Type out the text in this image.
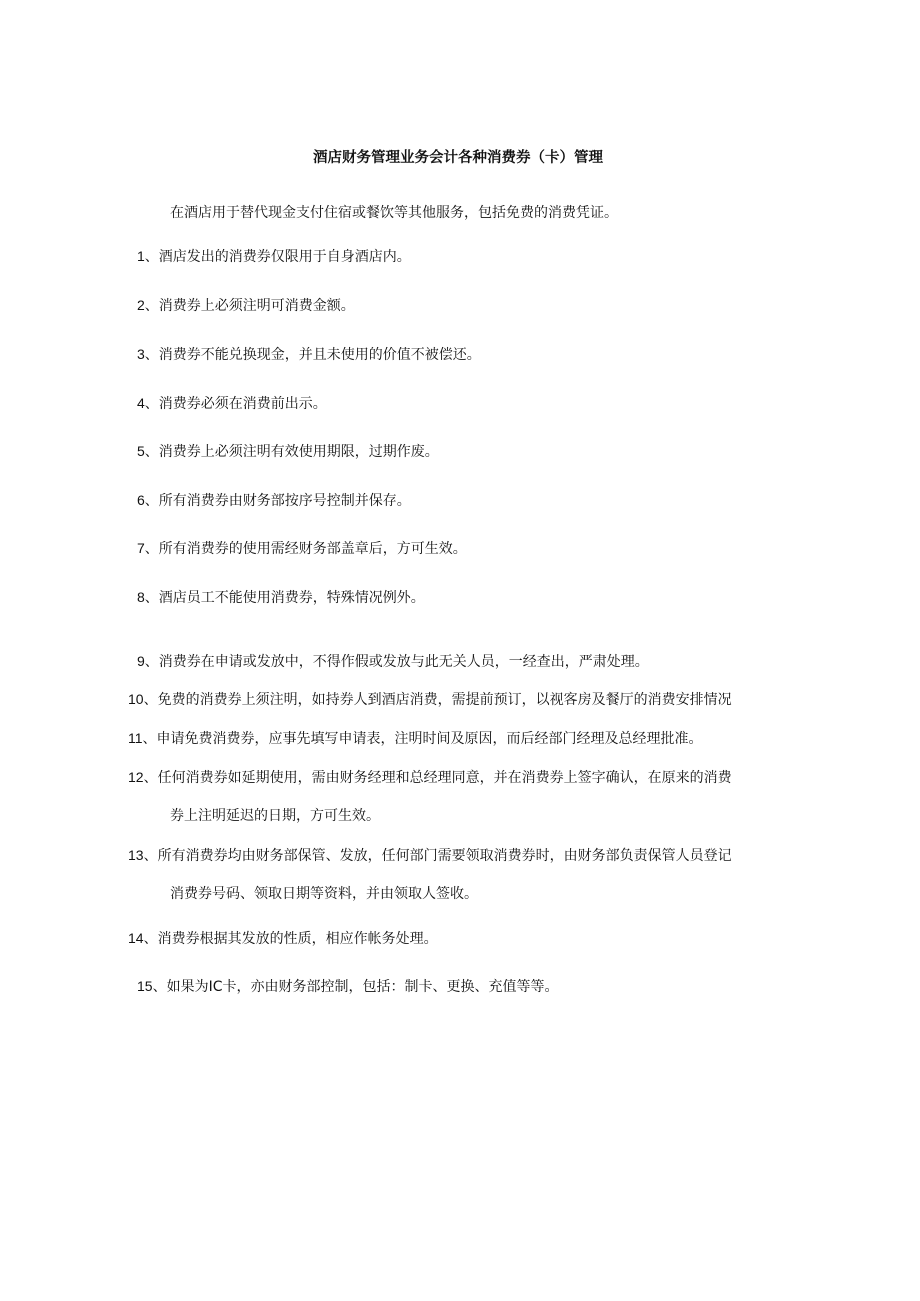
酒店财务管理业务会计各种消费券（卡）管理
在酒店用于替代现金支付住宿或餐饮等其他服务，包括免费的消费凭证。
1、酒店发出的消费券仅限用于自身酒店内。
2、消费券上必须注明可消费金额。
3、消费券不能兑换现金，并且未使用的价值不被偿还。
4、消费券必须在消费前出示。
5、消费券上必须注明有效使用期限，过期作废。
6、所有消费券由财务部按序号控制并保存。
7、所有消费券的使用需经财务部盖章后，方可生效。
8、酒店员工不能使用消费券，特殊情况例外。
9、消费券在申请或发放中，不得作假或发放与此无关人员，一经查出，严肃处理。
10、免费的消费券上须注明，如持券人到酒店消费，需提前预订，以视客房及餐厅的消费安排情况
11、申请免费消费券，应事先填写申请表，注明时间及原因，而后经部门经理及总经理批准。
12、任何消费券如延期使用，需由财务经理和总经理同意，并在消费券上签字确认，在原来的消费
券上注明延迟的日期，方可生效。
13、所有消费券均由财务部保管、发放，任何部门需要领取消费券时，由财务部负责保管人员登记
消费券号码、领取日期等资料，并由领取人签收。
14、消费券根据其发放的性质，相应作帐务处理。
15、如果为IC卡，亦由财务部控制，包括：制卡、更换、充值等等。
